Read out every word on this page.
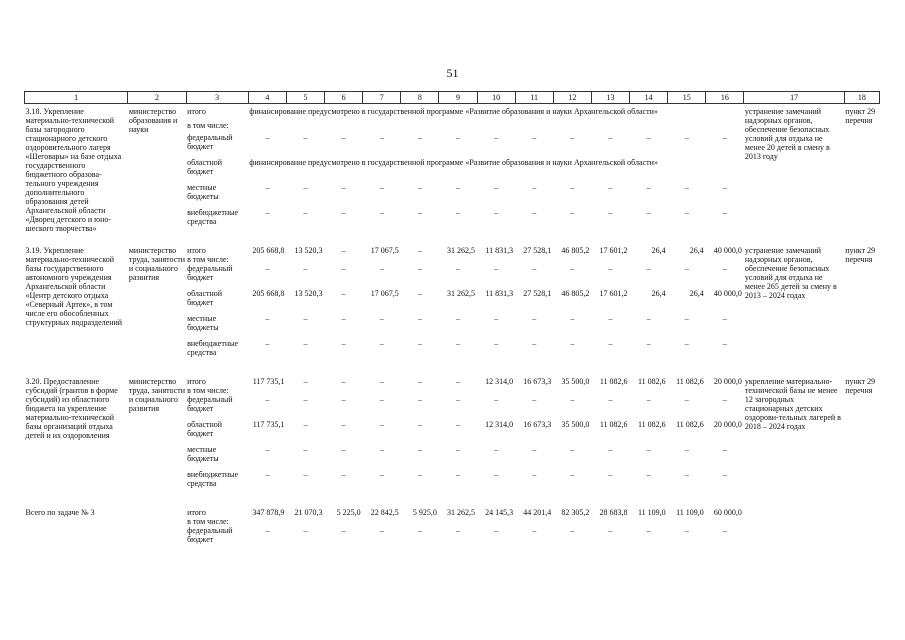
51
1	2	3	4	5	6	7	8	9	10	11	12	13	14	15	16	17	18
3.18. Укрепление материально-технической базы загородного стационарного детского оздоровительного лагеря «Шеговары» на базе отдыха государственного бюджетного образова-тельного учреждения дополнительного образования детей Архангельской области «Дворец детского и юно-шеского творчества»	министерство образования и науки	итого	финансирование предусмотрено в государственной программе «Развитие образования и науки Архангельской области»													устранение замечаний надзорных органов, обеспечение безопасных условий для отдыха не менее 20 детей в смену в 2013 году	пункт 29 перечня
		в том числе:															
		федеральный бюджет	–	–	–	–	–	–	–	–	–	–	–	–	–		
		областной бюджет	финансирование предусмотрено в государственной программе «Развитие образования и науки Архангельской области»														
		местные бюджеты	–	–	–	–	–	–	–	–	–	–	–	–	–		
		внебюджетные средства	–	–	–	–	–	–	–	–	–	–	–	–	–		

3.19. Укрепление материально-технической базы государственного автономного учреждения Архангельской области «Центр детского отдыха «Северный Артек», в том числе его обособленных структурных подразделений	министерство труда, занятости и социального развития	итого	205 668,8	13 520,3	–	17 067,5	–	31 262,5	11 831,3	27 528,1	46 805,2	17 601,2	26,4	26,4	40 000,0	устранение замечаний надзорных органов, обеспечение безопасных условий для отдыха не менее 265 детей за смену в 2013 – 2024 годах	пункт 29 перечня
		в том числе:															
		федеральный бюджет	–	–	–	–	–	–	–	–	–	–	–	–	–		
		областной бюджет	205 668,8	13 520,3	–	17 067,5	–	31 262,5	11 831,3	27 528,1	46 805,2	17 601,2	26,4	26,4	40 000,0		
		местные бюджеты	–	–	–	–	–	–	–	–	–	–	–	–	–		
		внебюджетные средства	–	–	–	–	–	–	–	–	–	–	–	–	–		

3.20. Предоставление субсидий (грантов в форме субсидий) из областного бюджета на укрепление материально-технической базы организаций отдыха детей и их оздоровления	министерство труда, занятости и социального развития	итого	117 735,1	–	–	–	–	–	12 314,0	16 673,3	35 500,0	11 082,6	11 082,6	11 082,6	20 000,0	укрепление материально-технической базы не менее 12 загородных стационарных детских оздорови-тельных лагерей в 2018 – 2024 годах	пункт 29 перечня
		в том числе:															
		федеральный бюджет	–	–	–	–	–	–	–	–	–	–	–	–	–		
		областной бюджет	117 735,1	–	–	–	–	–	12 314,0	16 673,3	35 500,0	11 082,6	11 082,6	11 082,6	20 000,0		
		местные бюджеты	–	–	–	–	–	–	–	–	–	–	–	–	–		
		внебюджетные средства	–	–	–	–	–	–	–	–	–	–	–	–	–		

Всего по задаче № 3		итого	347 878,9	21 070,3	5 225,0	22 842,5	5 925,0	31 262,5	24 145,3	44 201,4	82 305,2	28 683,8	11 109,0	11 109,0	60 000,0		
		в том числе:															
		федеральный бюджет	–	–	–	–	–	–	–	–	–	–	–	–	–		
